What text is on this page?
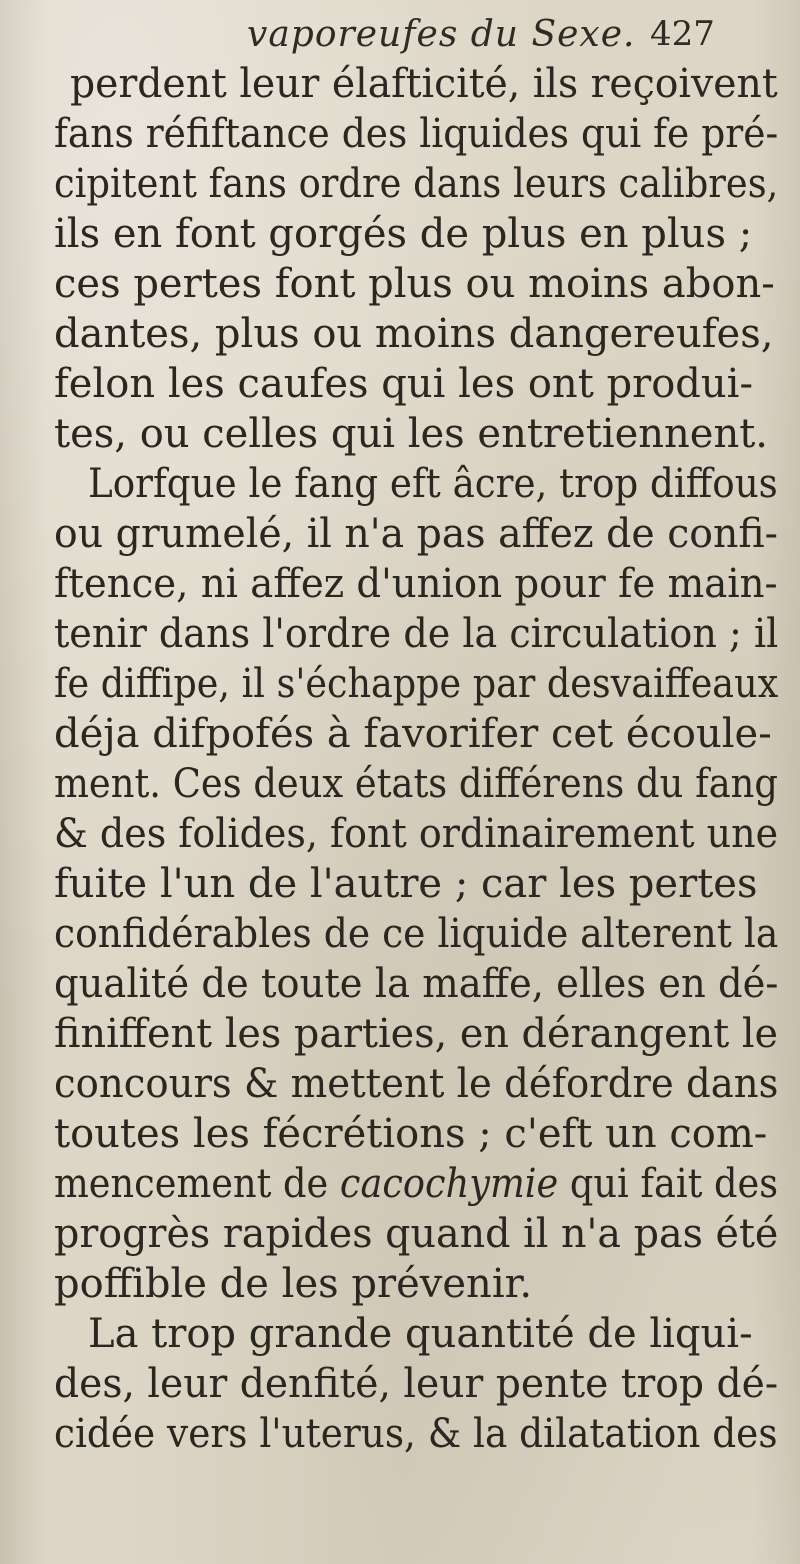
vaporeufes du Sexe. 427
perdent leur élafticité, ils reçoivent
fans réfiftance des liquides qui fe pré-
cipitent fans ordre dans leurs calibres,
ils en font gorgés de plus en plus ;
ces pertes font plus ou moins abon-
dantes, plus ou moins dangereufes,
felon les caufes qui les ont produi-
tes, ou celles qui les entretiennent.
Lorfque le fang eft âcre, trop diffous
ou grumelé, il n'a pas affez de confi-
ftence, ni affez d'union pour fe main-
tenir dans l'ordre de la circulation ; il
fe diffipe, il s'échappe par desvaiffeaux
déja difpofés à favorifer cet écoule-
ment. Ces deux états différens du fang
& des folides, font ordinairement une
fuite l'un de l'autre ; car les pertes
confidérables de ce liquide alterent la
qualité de toute la maffe, elles en dé-
finiffent les parties, en dérangent le
concours & mettent le défordre dans
toutes les fécrétions ; c'eft un com-
mencement de cacochymie qui fait des
progrès rapides quand il n'a pas été
poffible de les prévenir.
La trop grande quantité de liqui-
des, leur denfité, leur pente trop dé-
cidée vers l'uterus, & la dilatation des
